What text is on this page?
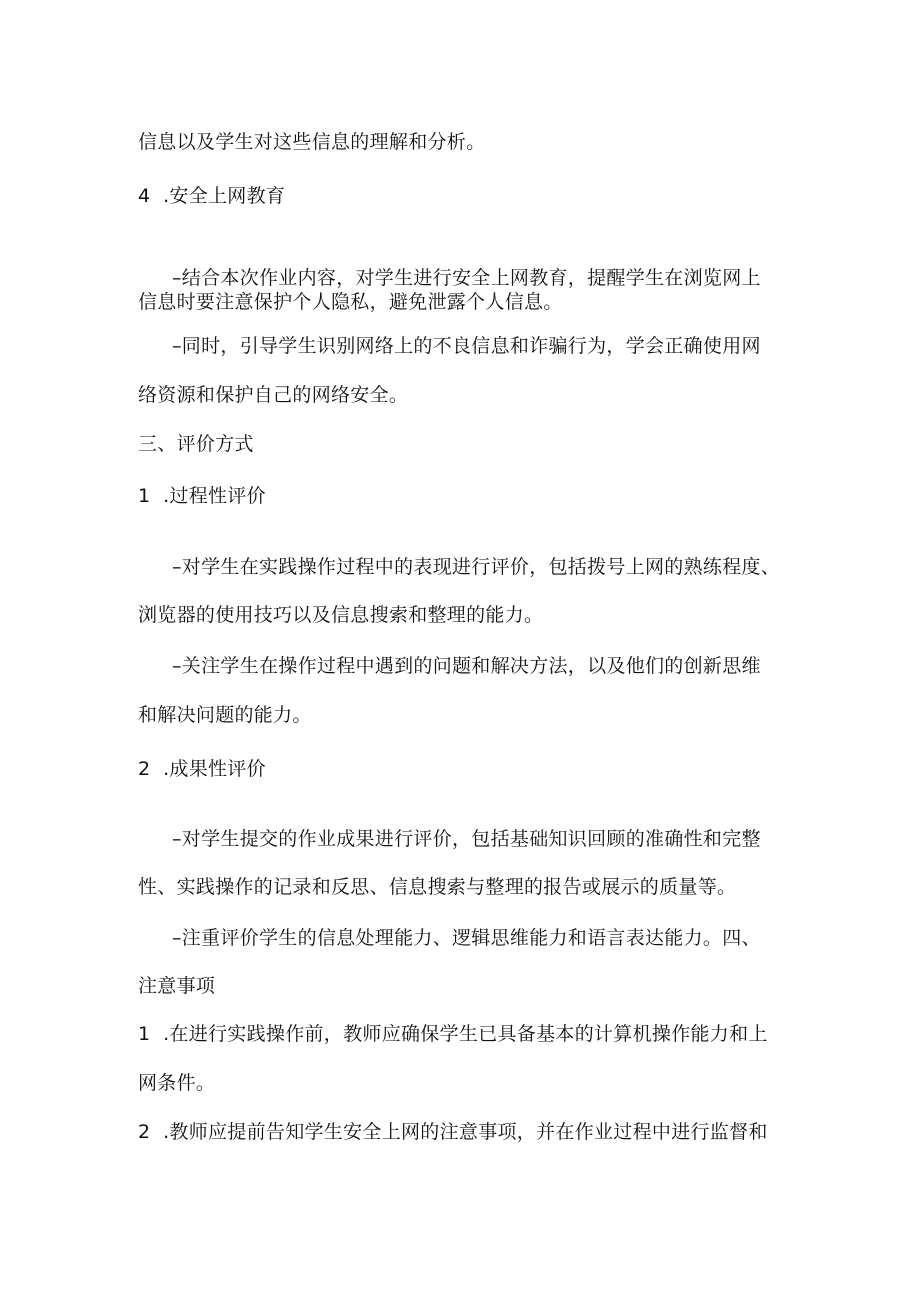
信息以及学生对这些信息的理解和分析。
4  .安全上网教育
–结合本次作业内容，对学生进行安全上网教育，提醒学生在浏览网上
信息时要注意保护个人隐私，避免泄露个人信息。
–同时，引导学生识别网络上的不良信息和诈骗行为，学会正确使用网
络资源和保护自己的网络安全。
三、评价方式
1  .过程性评价
–对学生在实践操作过程中的表现进行评价，包括拨号上网的熟练程度、
浏览器的使用技巧以及信息搜索和整理的能力。
–关注学生在操作过程中遇到的问题和解决方法，以及他们的创新思维
和解决问题的能力。
2  .成果性评价
–对学生提交的作业成果进行评价，包括基础知识回顾的准确性和完整
性、实践操作的记录和反思、信息搜索与整理的报告或展示的质量等。
–注重评价学生的信息处理能力、逻辑思维能力和语言表达能力。四、
注意事项
1  .在进行实践操作前，教师应确保学生已具备基本的计算机操作能力和上
网条件。
2  .教师应提前告知学生安全上网的注意事项，并在作业过程中进行监督和
